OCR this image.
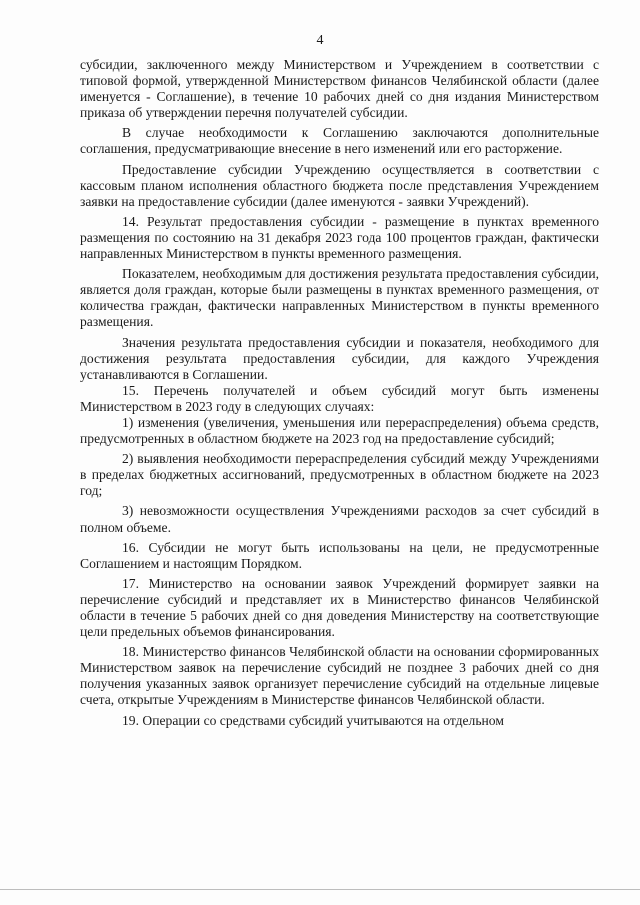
4

субсидии, заключенного между Министерством и Учреждением в соответствии с типовой формой, утвержденной Министерством финансов Челябинской области (далее именуется - Соглашение), в течение 10 рабочих дней со дня издания Министерством приказа об утверждении перечня получателей субсидии.

В случае необходимости к Соглашению заключаются дополнительные соглашения, предусматривающие внесение в него изменений или его расторжение.

Предоставление субсидии Учреждению осуществляется в соответствии с кассовым планом исполнения областного бюджета после представления Учреждением заявки на предоставление субсидии (далее именуются - заявки Учреждений).

14. Результат предоставления субсидии - размещение в пунктах временного размещения по состоянию на 31 декабря 2023 года 100 процентов граждан, фактически направленных Министерством в пункты временного размещения.

Показателем, необходимым для достижения результата предоставления субсидии, является доля граждан, которые были размещены в пунктах временного размещения, от количества граждан, фактически направленных Министерством в пункты временного размещения.

Значения результата предоставления субсидии и показателя, необходимого для достижения результата предоставления субсидии, для каждого Учреждения устанавливаются в Соглашении.

15. Перечень получателей и объем субсидий могут быть изменены Министерством в 2023 году в следующих случаях:

1) изменения (увеличения, уменьшения или перераспределения) объема средств, предусмотренных в областном бюджете на 2023 год на предоставление субсидий;

2) выявления необходимости перераспределения субсидий между Учреждениями в пределах бюджетных ассигнований, предусмотренных в областном бюджете на 2023 год;

3) невозможности осуществления Учреждениями расходов за счет субсидий в полном объеме.

16. Субсидии не могут быть использованы на цели, не предусмотренные Соглашением и настоящим Порядком.

17. Министерство на основании заявок Учреждений формирует заявки на перечисление субсидий и представляет их в Министерство финансов Челябинской области в течение 5 рабочих дней со дня доведения Министерству на соответствующие цели предельных объемов финансирования.

18. Министерство финансов Челябинской области на основании сформированных Министерством заявок на перечисление субсидий не позднее 3 рабочих дней со дня получения указанных заявок организует перечисление субсидий на отдельные лицевые счета, открытые Учреждениям в Министерстве финансов Челябинской области.

19. Операции со средствами субсидий учитываются на отдельном
